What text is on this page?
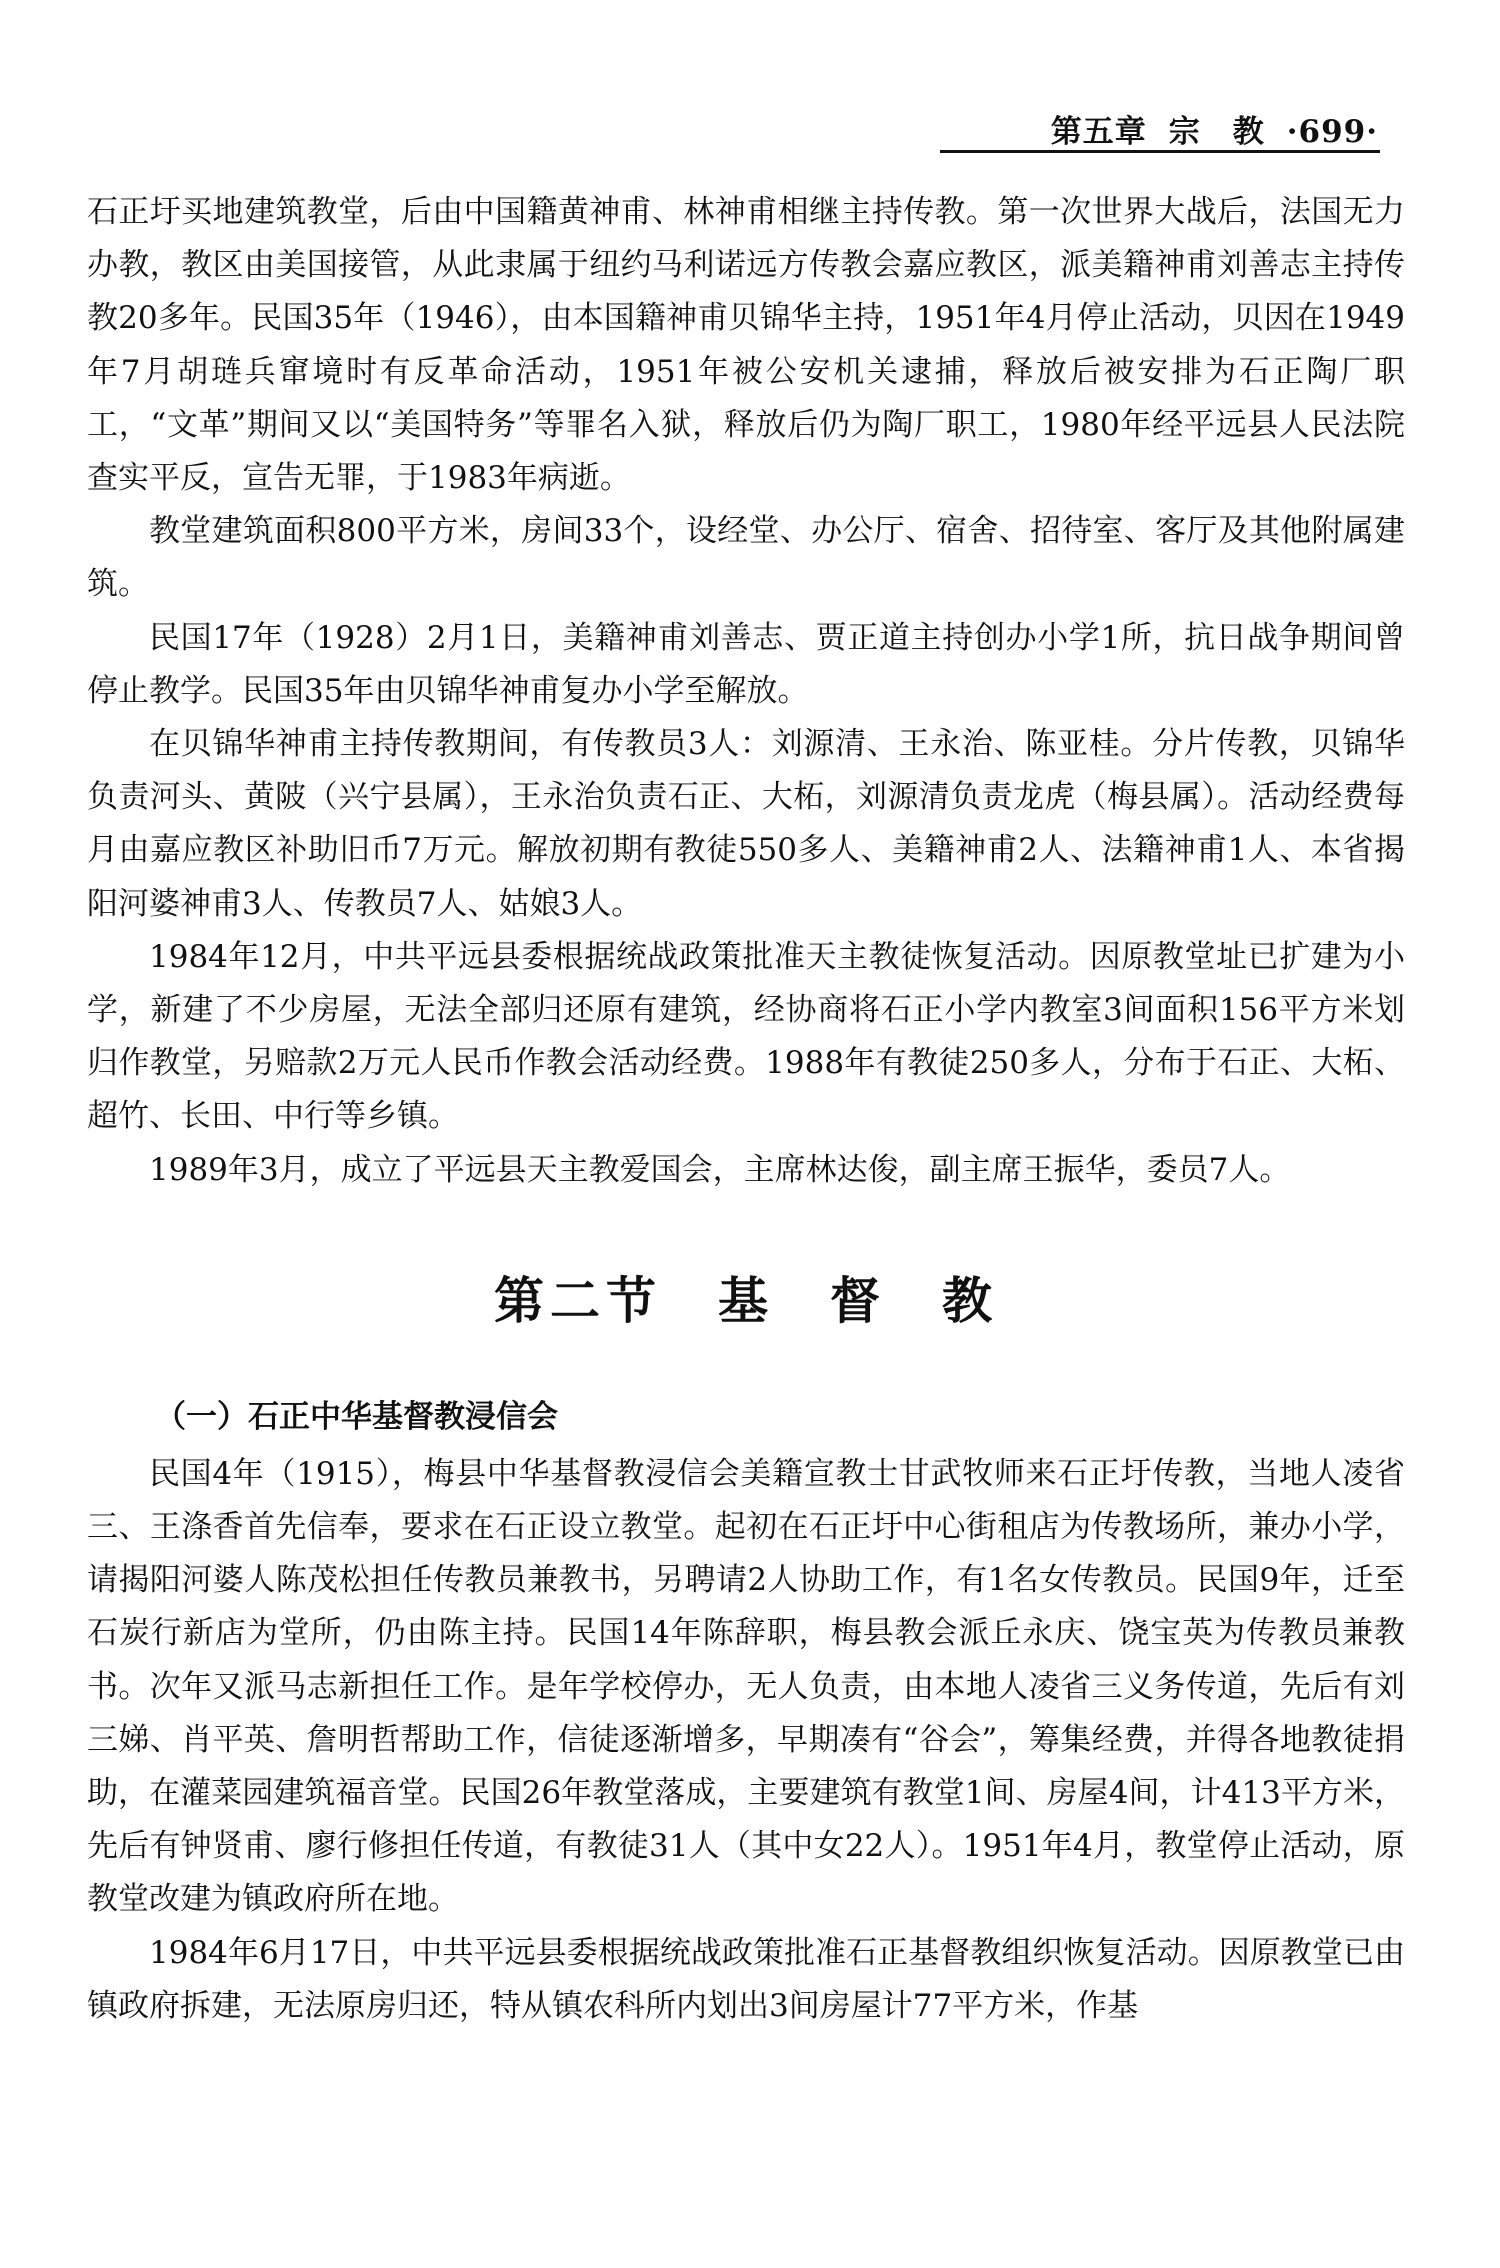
第五章 宗　教 ·699·

石正圩买地建筑教堂，后由中国籍黄神甫、林神甫相继主持传教。第一次世界大战后，法国无力办教，教区由美国接管，从此隶属于纽约马利诺远方传教会嘉应教区，派美籍神甫刘善志主持传教20多年。民国35年（1946），由本国籍神甫贝锦华主持，1951年4月停止活动，贝因在1949年7月胡琏兵窜境时有反革命活动，1951年被公安机关逮捕，释放后被安排为石正陶厂职工，“文革”期间又以“美国特务”等罪名入狱，释放后仍为陶厂职工，1980年经平远县人民法院查实平反，宣告无罪，于1983年病逝。

教堂建筑面积800平方米，房间33个，设经堂、办公厅、宿舍、招待室、客厅及其他附属建筑。

民国17年（1928）2月1日，美籍神甫刘善志、贾正道主持创办小学1所，抗日战争期间曾停止教学。民国35年由贝锦华神甫复办小学至解放。

在贝锦华神甫主持传教期间，有传教员3人：刘源清、王永治、陈亚桂。分片传教，贝锦华负责河头、黄陂（兴宁县属），王永治负责石正、大柘，刘源清负责龙虎（梅县属）。活动经费每月由嘉应教区补助旧币7万元。解放初期有教徒550多人、美籍神甫2人、法籍神甫1人、本省揭阳河婆神甫3人、传教员7人、姑娘3人。

1984年12月，中共平远县委根据统战政策批准天主教徒恢复活动。因原教堂址已扩建为小学，新建了不少房屋，无法全部归还原有建筑，经协商将石正小学内教室3间面积156平方米划归作教堂，另赔款2万元人民币作教会活动经费。1988年有教徒250多人，分布于石正、大柘、超竹、长田、中行等乡镇。

1989年3月，成立了平远县天主教爱国会，主席林达俊，副主席王振华，委员7人。

第二节　基　督　教
（一）石正中华基督教浸信会

民国4年（1915），梅县中华基督教浸信会美籍宣教士甘武牧师来石正圩传教，当地人凌省三、王涤香首先信奉，要求在石正设立教堂。起初在石正圩中心街租店为传教场所，兼办小学，请揭阳河婆人陈茂松担任传教员兼教书，另聘请2人协助工作，有1名女传教员。民国9年，迁至石炭行新店为堂所，仍由陈主持。民国14年陈辞职，梅县教会派丘永庆、饶宝英为传教员兼教书。次年又派马志新担任工作。是年学校停办，无人负责，由本地人凌省三义务传道，先后有刘三娣、肖平英、詹明哲帮助工作，信徒逐渐增多，早期凑有“谷会”，筹集经费，并得各地教徒捐助，在灌菜园建筑福音堂。民国26年教堂落成，主要建筑有教堂1间、房屋4间，计413平方米，先后有钟贤甫、廖行修担任传道，有教徒31人（其中女22人）。1951年4月，教堂停止活动，原教堂改建为镇政府所在地。

1984年6月17日，中共平远县委根据统战政策批准石正基督教组织恢复活动。因原教堂已由镇政府拆建，无法原房归还，特从镇农科所内划出3间房屋计77平方米，作基
